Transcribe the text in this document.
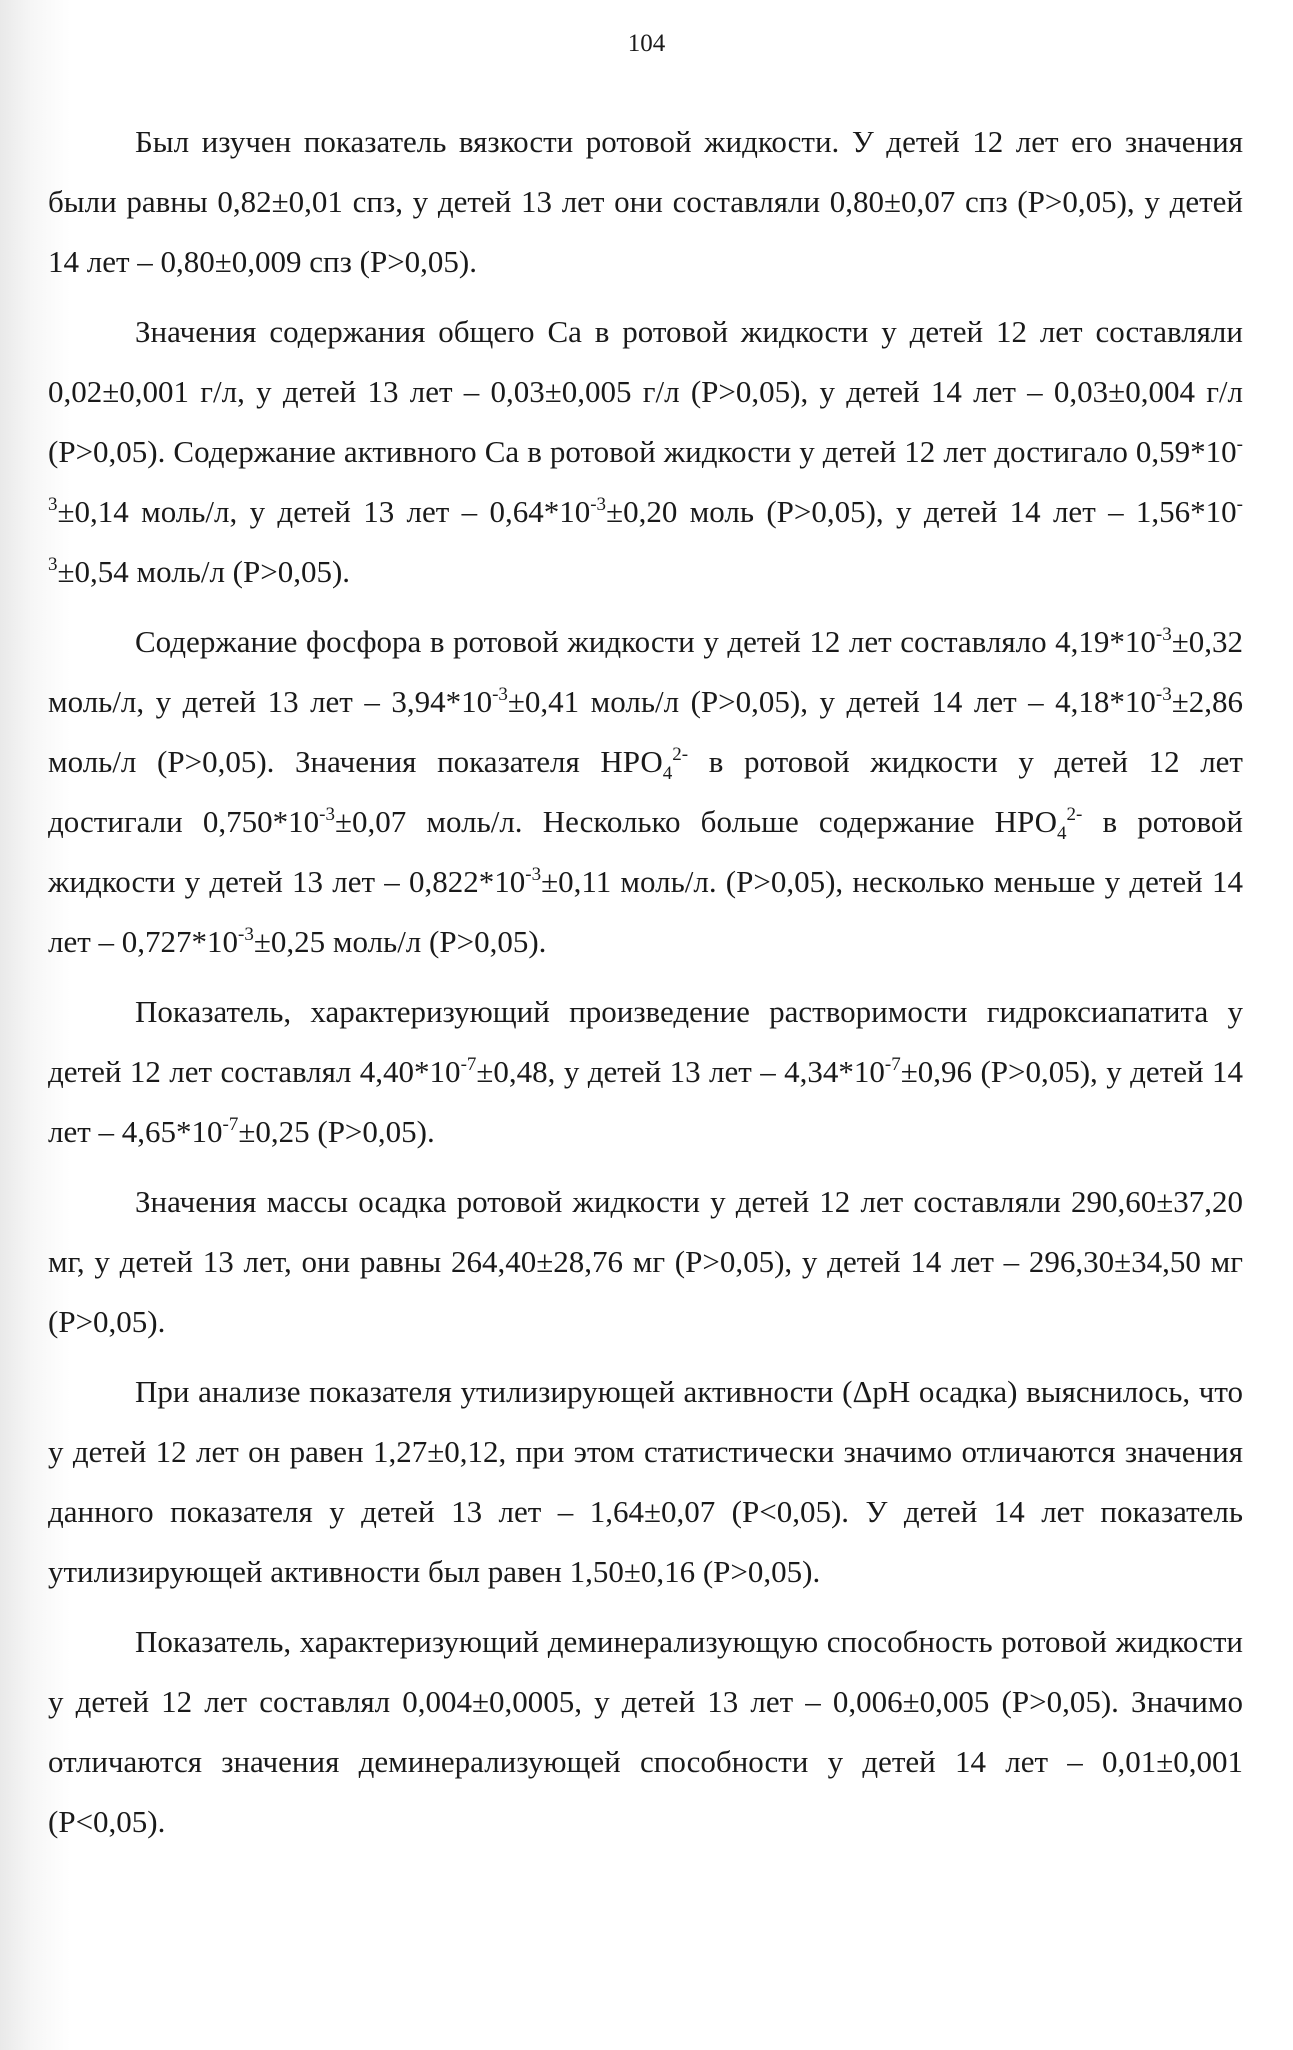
104

Был изучен показатель вязкости ротовой жидкости. У детей 12 лет его значения были равны 0,82±0,01 спз, у детей 13 лет они составляли 0,80±0,07 спз (Р>0,05), у детей 14 лет – 0,80±0,009 спз (Р>0,05).

Значения содержания общего Са в ротовой жидкости у детей 12 лет составляли 0,02±0,001 г/л, у детей 13 лет – 0,03±0,005 г/л (Р>0,05), у детей 14 лет – 0,03±0,004 г/л (Р>0,05). Содержание активного Са в ротовой жидкости у детей 12 лет достигало $0,59*10^{-3}\pm 0,14$ моль/л, у детей 13 лет – $0,64*10^{-3}\pm 0,20$ моль (Р>0,05), у детей 14 лет – $1,56*10^{-3}\pm 0,54$ моль/л (Р>0,05).

Содержание фосфора в ротовой жидкости у детей 12 лет составляло $4,19*10^{-3}\pm 0,32$ моль/л, у детей 13 лет – $3,94*10^{-3}\pm 0,41$ моль/л (Р>0,05), у детей 14 лет – $4,18*10^{-3}\pm 2,86$ моль/л (Р>0,05). Значения показателя $НРО_4^{2-}$ в ротовой жидкости у детей 12 лет достигали $0,750*10^{-3}\pm 0,07$ моль/л. Несколько больше содержание $НРО_4^{2-}$ в ротовой жидкости у детей 13 лет – $0,822*10^{-3}\pm 0,11$ моль/л. (Р>0,05), несколько меньше у детей 14 лет – $0,727*10^{-3}\pm 0,25$ моль/л (Р>0,05).

Показатель, характеризующий произведение растворимости гидроксиапатита у детей 12 лет составлял $4,40*10^{-7}\pm 0,48$, у детей 13 лет – $4,34*10^{-7}\pm 0,96$ (Р>0,05), у детей 14 лет – $4,65*10^{-7}\pm 0,25$ (Р>0,05).

Значения массы осадка ротовой жидкости у детей 12 лет составляли 290,60±37,20 мг, у детей 13 лет, они равны 264,40±28,76 мг (Р>0,05), у детей 14 лет – 296,30±34,50 мг (Р>0,05).

При анализе показателя утилизирующей активности (ΔрН осадка) выяснилось, что у детей 12 лет он равен 1,27±0,12, при этом статистически значимо отличаются значения данного показателя у детей 13 лет – 1,64±0,07 (Р<0,05). У детей 14 лет показатель утилизирующей активности был равен 1,50±0,16 (Р>0,05).

Показатель, характеризующий деминерализующую способность ротовой жидкости у детей 12 лет составлял 0,004±0,0005, у детей 13 лет – 0,006±0,005 (Р>0,05). Значимо отличаются значения деминерализующей способности у детей 14 лет – 0,01±0,001 (Р<0,05).
